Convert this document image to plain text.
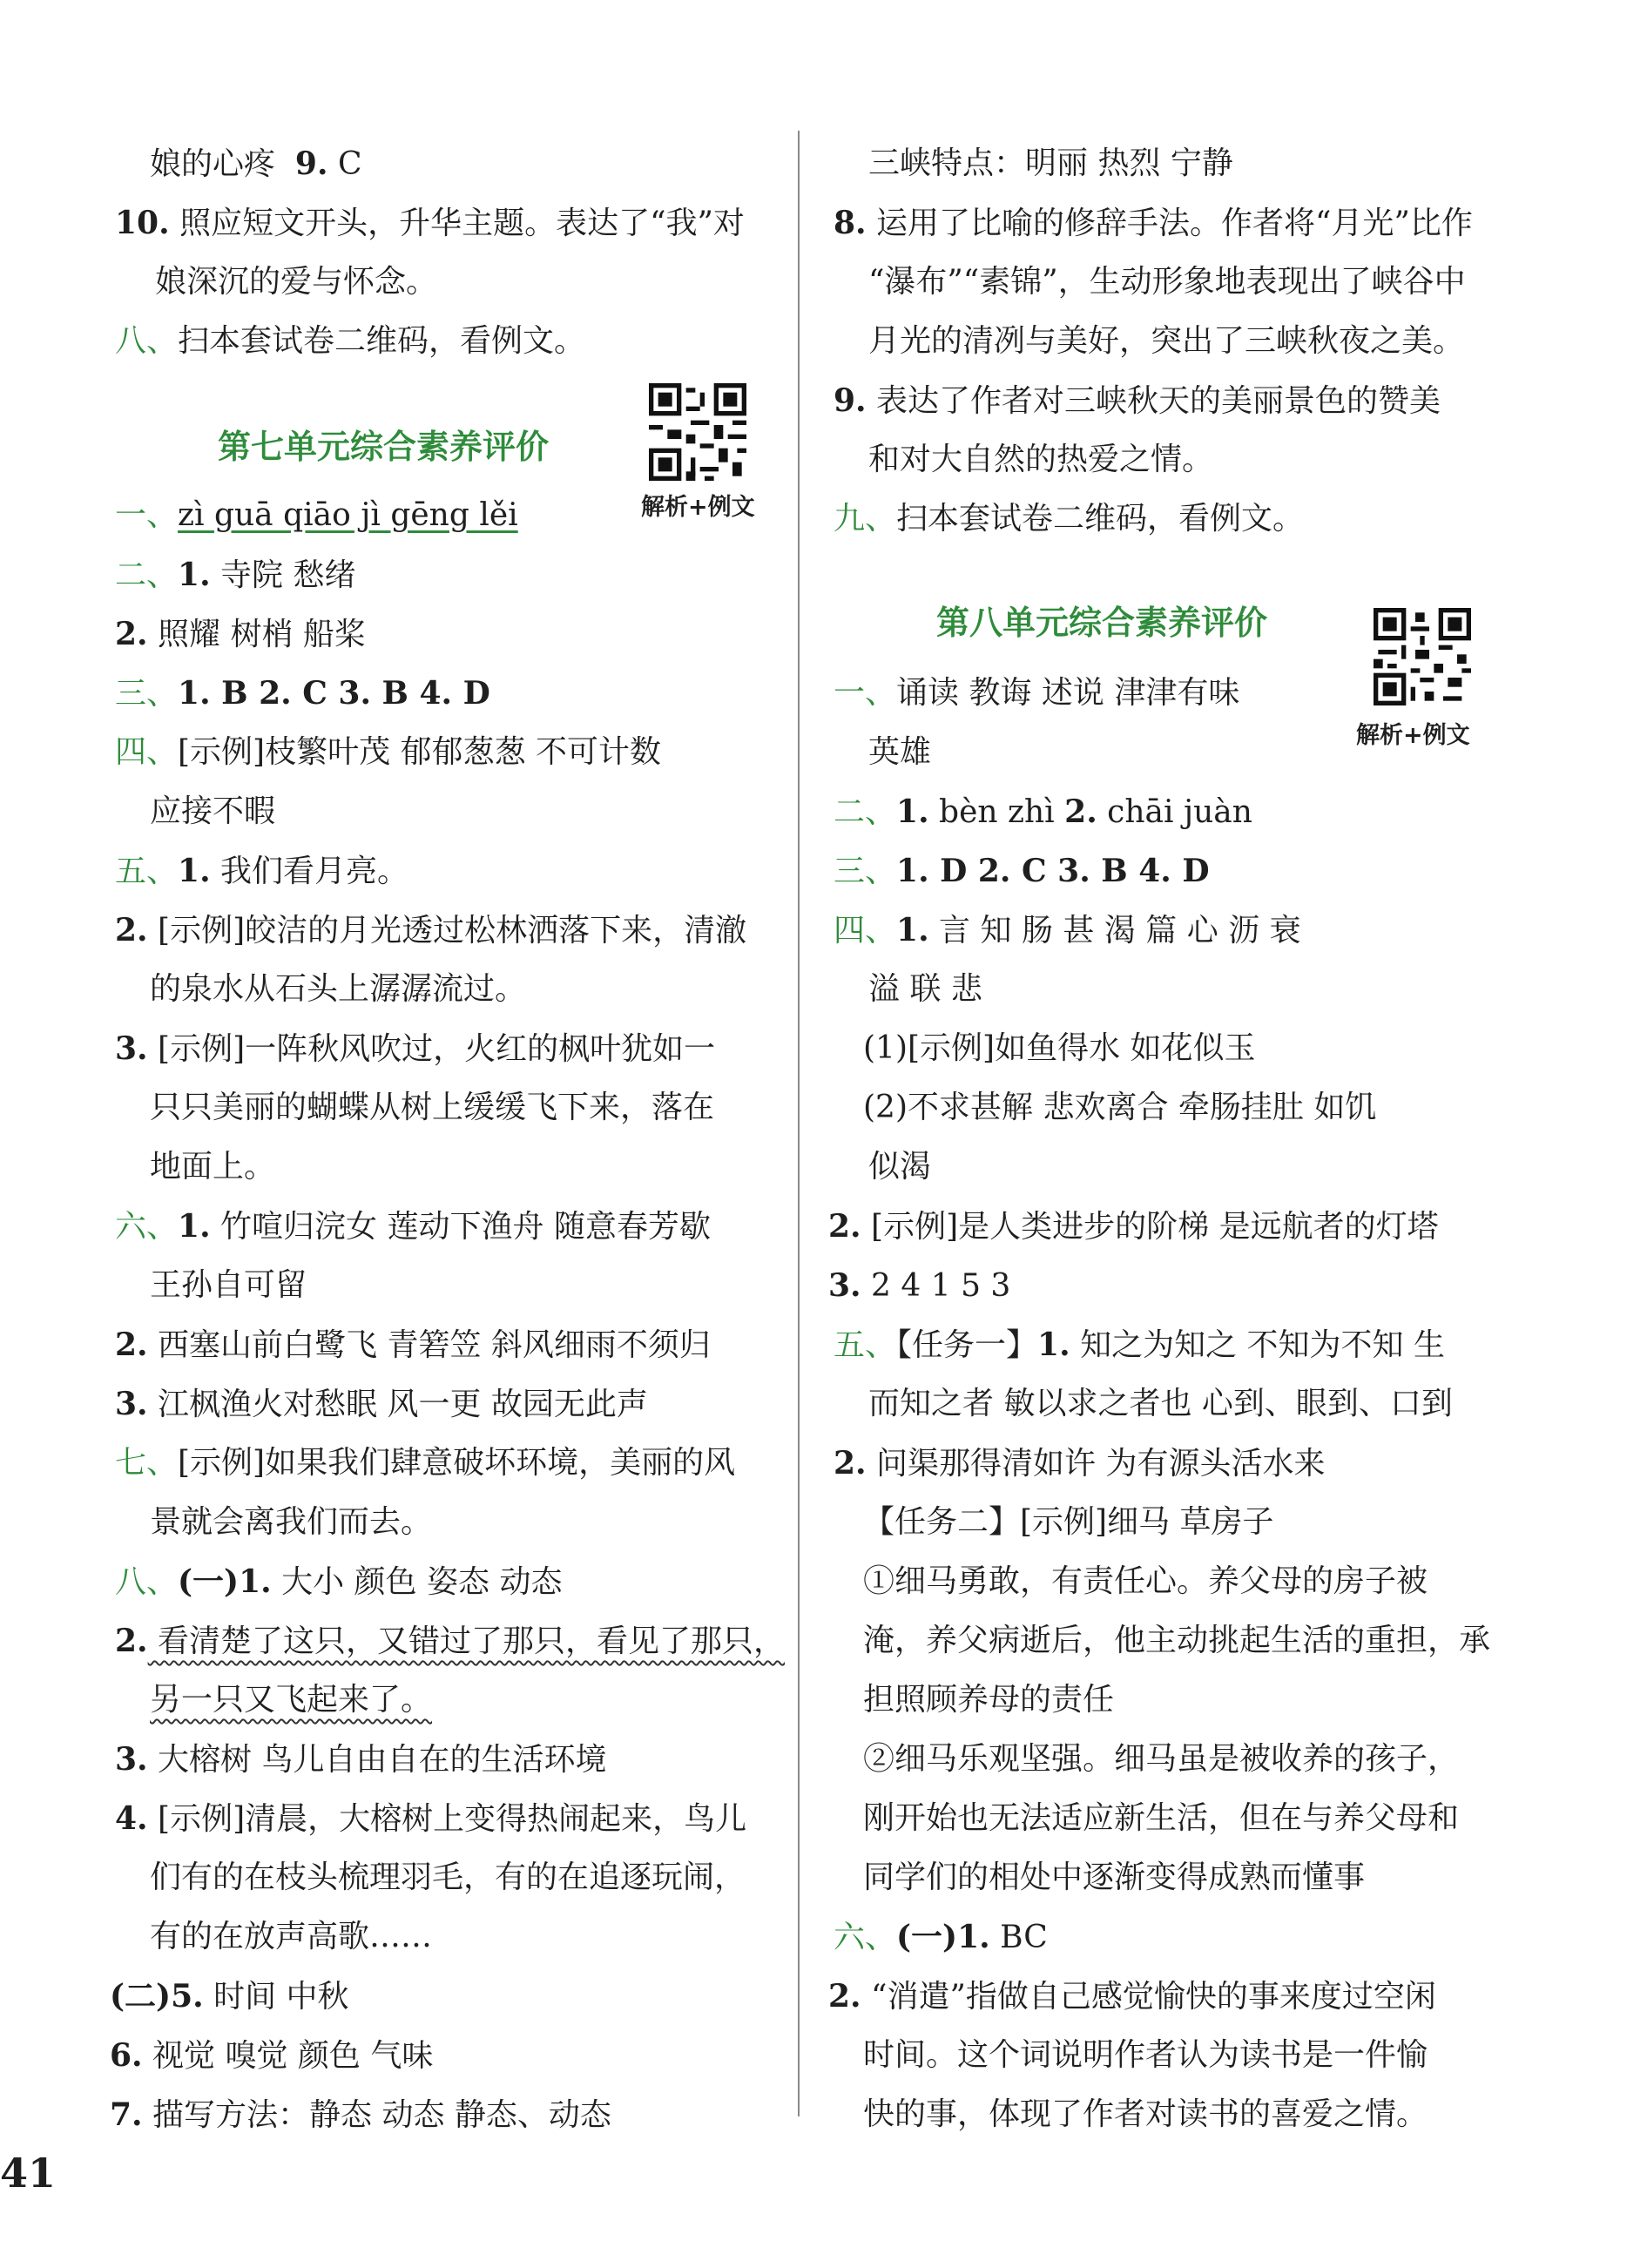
娘的心疼 9. C
10. 照应短文开头，升华主题。表达了“我”对
娘深沉的爱与怀念。
八、扫本套试卷二维码，看例文。
第七单元综合素养评价
解析+例文
一、zì guā qiāo jì gēng lěi
二、1. 寺院 愁绪
2. 照耀 树梢 船桨
三、1. B 2. C 3. B 4. D
四、[示例]枝繁叶茂 郁郁葱葱 不可计数
应接不暇
五、1. 我们看月亮。
2. [示例]皎洁的月光透过松林洒落下来，清澈
的泉水从石头上潺潺流过。
3. [示例]一阵秋风吹过，火红的枫叶犹如一
只只美丽的蝴蝶从树上缓缓飞下来，落在
地面上。
六、1. 竹喧归浣女 莲动下渔舟 随意春芳歇
王孙自可留
2. 西塞山前白鹭飞 青箬笠 斜风细雨不须归
3. 江枫渔火对愁眠 风一更 故园无此声
七、[示例]如果我们肆意破坏环境，美丽的风
景就会离我们而去。
八、(一)1. 大小 颜色 姿态 动态
2. 看清楚了这只，又错过了那只，看见了那只，
另一只又飞起来了。
3. 大榕树 鸟儿自由自在的生活环境
4. [示例]清晨，大榕树上变得热闹起来，鸟儿
们有的在枝头梳理羽毛，有的在追逐玩闹，
有的在放声高歌……
(二)5. 时间 中秋
6. 视觉 嗅觉 颜色 气味
7. 描写方法：静态 动态 静态、动态
三峡特点：明丽 热烈 宁静
8. 运用了比喻的修辞手法。作者将“月光”比作
“瀑布”“素锦”，生动形象地表现出了峡谷中
月光的清冽与美好，突出了三峡秋夜之美。
9. 表达了作者对三峡秋天的美丽景色的赞美
和对大自然的热爱之情。
九、扫本套试卷二维码，看例文。
第八单元综合素养评价
解析+例文
一、诵读 教诲 述说 津津有味
英雄
二、1. bèn zhì 2. chāi juàn
三、1. D 2. C 3. B 4. D
四、1. 言 知 肠 甚 渴 篇 心 沥 衰
溢 联 悲
(1)[示例]如鱼得水 如花似玉
(2)不求甚解 悲欢离合 牵肠挂肚 如饥
似渴
2. [示例]是人类进步的阶梯 是远航者的灯塔
3. 2 4 1 5 3
五、【任务一】1. 知之为知之 不知为不知 生
而知之者 敏以求之者也 心到、眼到、口到
2. 问渠那得清如许 为有源头活水来
【任务二】[示例]细马 草房子
①细马勇敢，有责任心。养父母的房子被
淹，养父病逝后，他主动挑起生活的重担，承
担照顾养母的责任
②细马乐观坚强。细马虽是被收养的孩子，
刚开始也无法适应新生活，但在与养父母和
同学们的相处中逐渐变得成熟而懂事
六、(一)1. BC
2. “消遣”指做自己感觉愉快的事来度过空闲
时间。这个词说明作者认为读书是一件愉
快的事，体现了作者对读书的喜爱之情。
41
